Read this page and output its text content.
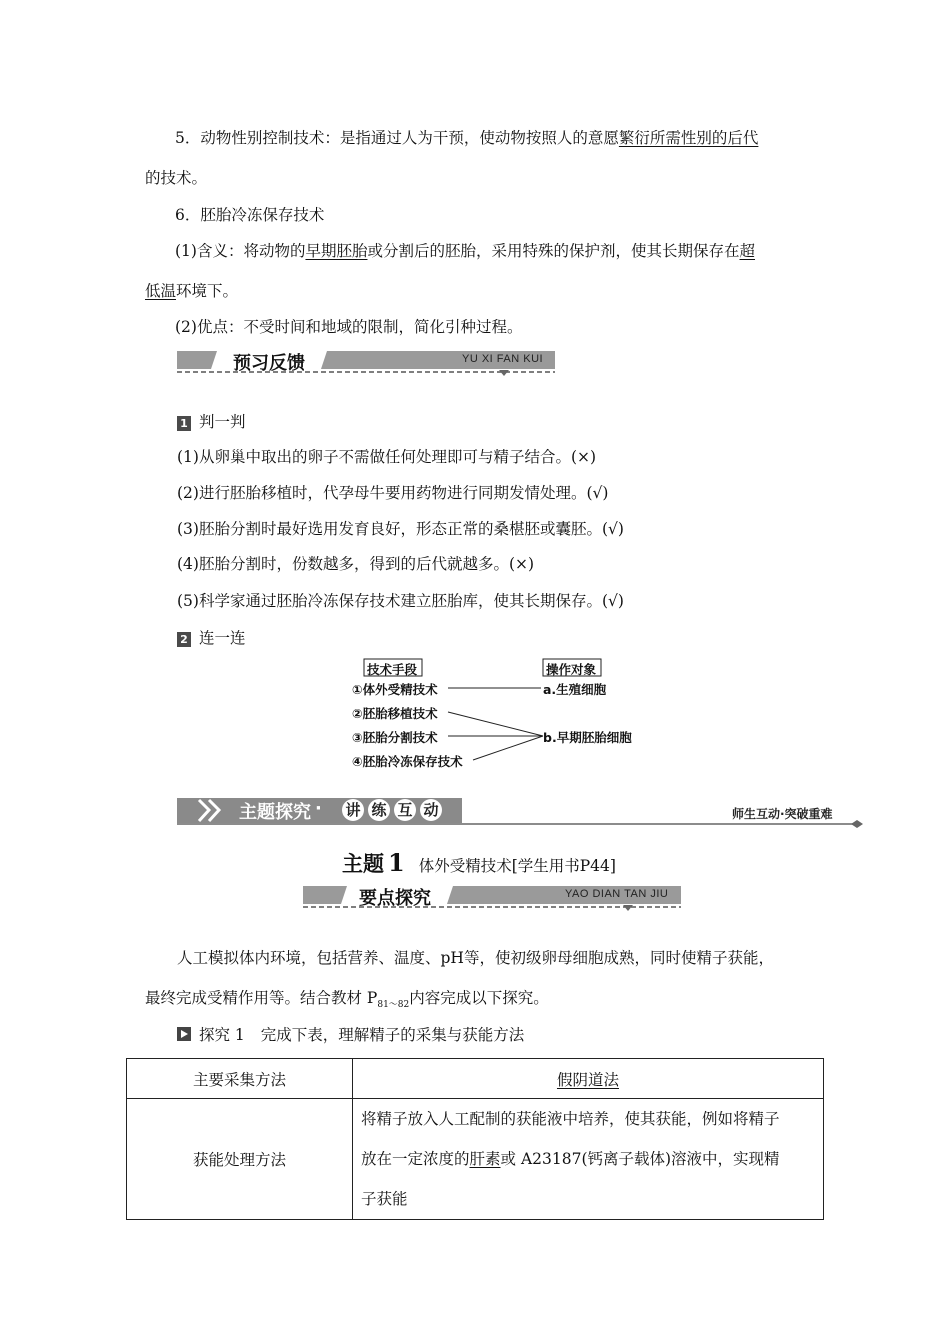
5．动物性别控制技术：是指通过人为干预，使动物按照人的意愿繁衍所需性别的后代
的技术。
6．胚胎冷冻保存技术
(1)含义：将动物的早期胚胎或分割后的胚胎，采用特殊的保护剂，使其长期保存在超
低温环境下。
(2)优点：不受时间和地域的限制，简化引种过程。
预习反馈	YU XI FAN KUI
1 判一判
(1)从卵巢中取出的卵子不需做任何处理即可与精子结合。(×)
(2)进行胚胎移植时，代孕母牛要用药物进行同期发情处理。(√)
(3)胚胎分割时最好选用发育良好，形态正常的桑椹胚或囊胚。(√)
(4)胚胎分割时，份数越多，得到的后代就越多。(×)
(5)科学家通过胚胎冷冻保存技术建立胚胎库，使其长期保存。(√)
2 连一连
技术手段	操作对象
①体外受精技术
②胚胎移植技术
③胚胎分割技术
④胚胎冷冻保存技术
a.生殖细胞
b.早期胚胎细胞
主题探究 · 讲 练 互 动	师生互动·突破重难
主题 1 体外受精技术[学生用书P44]
要点探究	YAO DIAN TAN JIU
人工模拟体内环境，包括营养、温度、pH等，使初级卵母细胞成熟，同时使精子获能，
最终完成受精作用等。结合教材 $P_{81\sim 82}$内容完成以下探究。
探究 1 完成下表，理解精子的采集与获能方法
主要采集方法	假阴道法
获能处理方法	将精子放入人工配制的获能液中培养，使其获能，例如将精子
放在一定浓度的肝素或 A23187(钙离子载体)溶液中，实现精
子获能
